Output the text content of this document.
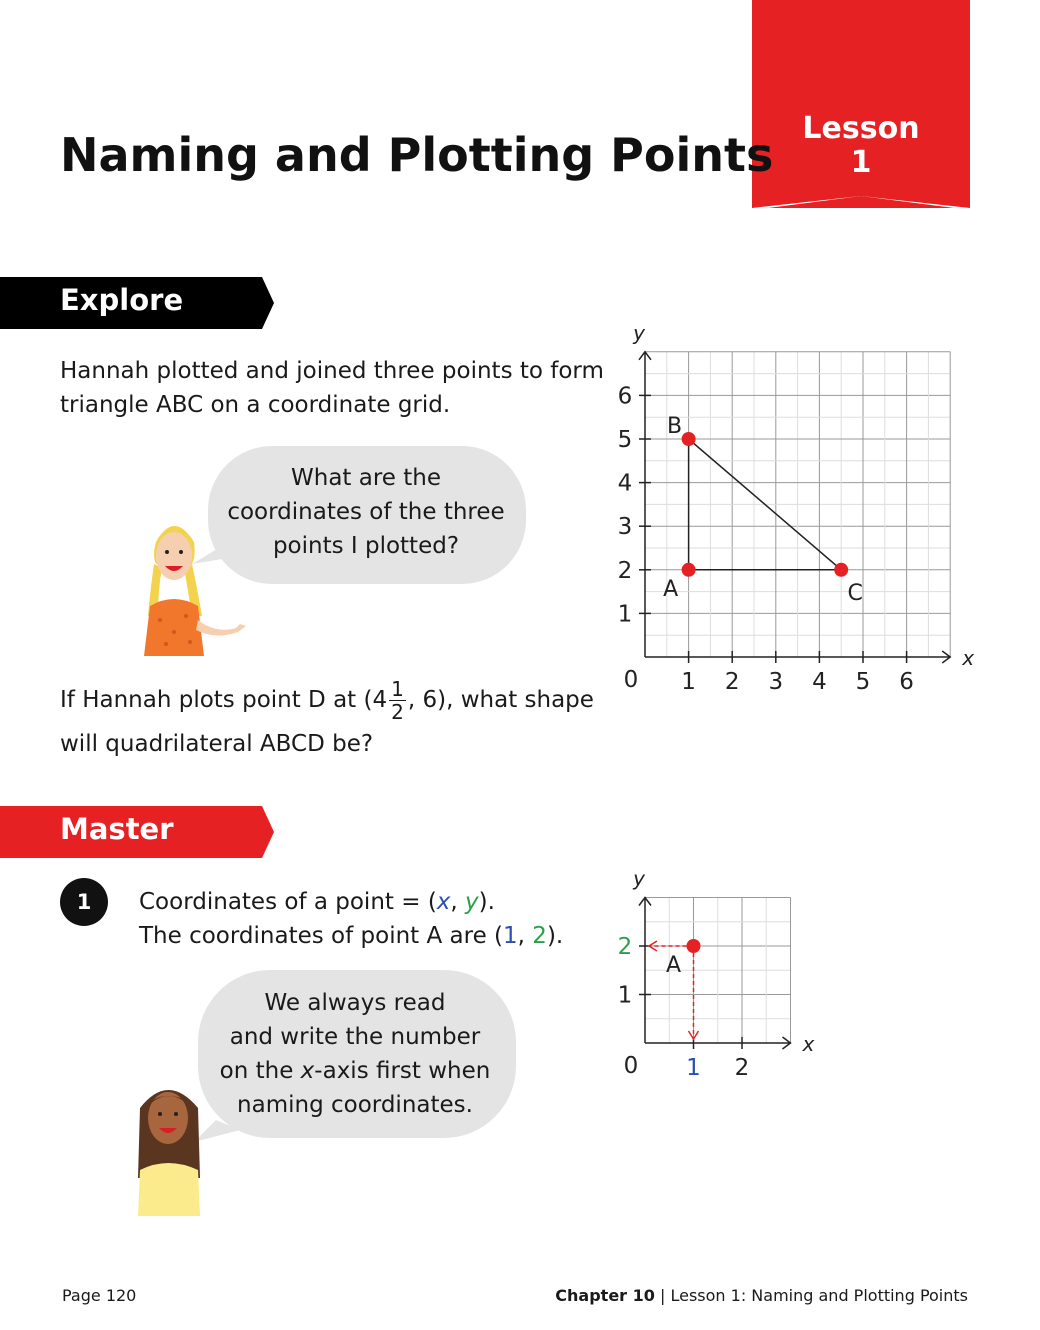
Lesson
1
Naming and Plotting Points
Explore
Hannah plotted and joined three points to form
triangle ABC on a coordinate grid.
What are the
coordinates of the three
points I plotted?
If Hannah plots point D at ($4 \frac{1}{2}$ , 6), what shape
will quadrilateral ABCD be?
x
y
0 1 2 3 4 5 6
1
2
3
4
5
6
A
B
C
Master
1	Coordinates of a point = (x, y).
The coordinates of point A are (1, 2).
We always read
and write the number
on the x-axis first when
naming coordinates.
x
y
0 1 2
1
2
A
Page 120	Chapter 10 | Lesson 1: Naming and Plotting Points
